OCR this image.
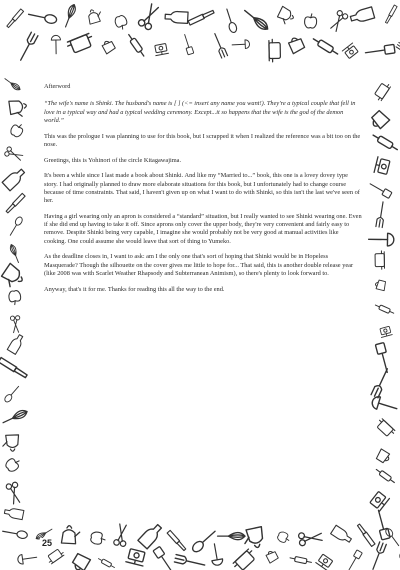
Afterword

“The wife's name is Shinki. The husband's name is [ ] (<= insert any name you want!). They're a typical couple that fell in love in a typical way and had a typical wedding ceremony. Except...it so happens that the wife is the god of the demon world.”

This was the prologue I was planning to use for this book, but I scrapped it when I realized the reference was a bit too on the nose.

Greetings, this is Yohinori of the circle Kitagawajima.

It's been a while since I last made a book about Shinki. And like my “Married to...” book, this one is a lovey dovey type story. I had originally planned to draw more elaborate situations for this book, but I unfortunately had to change course because of time constraints. That said, I haven't given up on what I want to do with Shinki, so this isn't the last we've seen of her.

Having a girl wearing only an apron is considered a “standard” situation, but I really wanted to see Shinki wearing one. Even if she did end up having to take it off. Since aprons only cover the upper body, they're very convenient and fairly easy to remove. Despite Shinki being very capable, I imagine she would probably not be very good at manual activities like cooking. One could assume she would leave that sort of thing to Yumeko.

As the deadline closes in, I want to ask: am I the only one that's sort of hoping that Shinki would be in Hopeless Masquerade? Though the silhouette on the cover gives me little to hope for... That said, this is another double release year (like 2008 was with Scarlet Weather Rhapsody and Subterranean Animism), so there's plenty to look forward to.

Anyway, that's it for me. Thanks for reading this all the way to the end.

25
